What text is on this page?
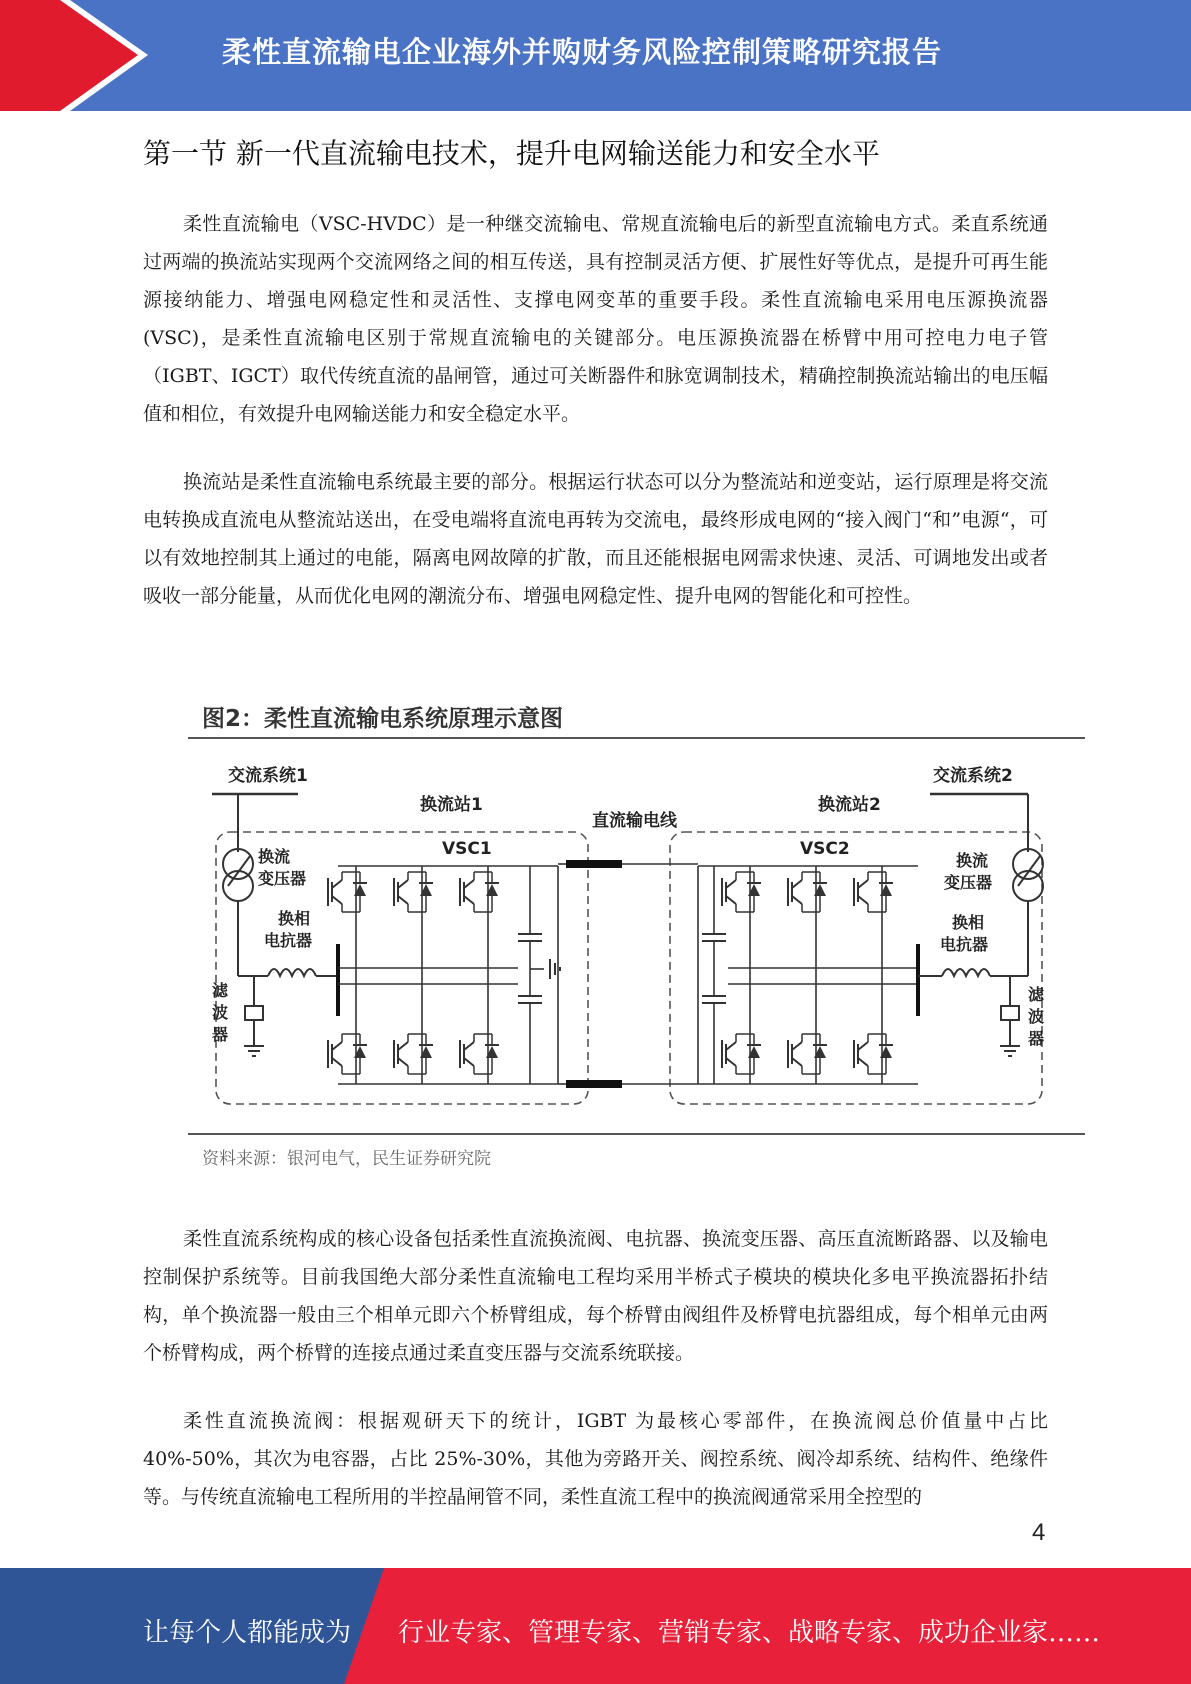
柔性直流输电企业海外并购财务风险控制策略研究报告
第一节 新一代直流输电技术，提升电网输送能力和安全水平

柔性直流输电（VSC-HVDC）是一种继交流输电、常规直流输电后的新型直流输电方式。柔直系统通过两端的换流站实现两个交流网络之间的相互传送，具有控制灵活方便、扩展性好等优点，是提升可再生能源接纳能力、增强电网稳定性和灵活性、支撑电网变革的重要手段。柔性直流输电采用电压源换流器(VSC)，是柔性直流输电区别于常规直流输电的关键部分。电压源换流器在桥臂中用可控电力电子管（IGBT、IGCT）取代传统直流的晶闸管，通过可关断器件和脉宽调制技术，精确控制换流站输出的电压幅值和相位，有效提升电网输送能力和安全稳定水平。

换流站是柔性直流输电系统最主要的部分。根据运行状态可以分为整流站和逆变站，运行原理是将交流电转换成直流电从整流站送出，在受电端将直流电再转为交流电，最终形成电网的“接入阀门“和”电源“，可以有效地控制其上通过的电能，隔离电网故障的扩散，而且还能根据电网需求快速、灵活、可调地发出或者吸收一部分能量，从而优化电网的潮流分布、增强电网稳定性、提升电网的智能化和可控性。

图2：柔性直流输电系统原理示意图
交流系统1	交流系统2
换流站1	换流站2
直流输电线
VSC1	VSC2
换流
变压器
换相
电抗器
滤
波
器
换流
变压器
换相
电抗器
滤
波
器
资料来源：银河电气，民生证券研究院

柔性直流系统构成的核心设备包括柔性直流换流阀、电抗器、换流变压器、高压直流断路器、以及输电控制保护系统等。目前我国绝大部分柔性直流输电工程均采用半桥式子模块的模块化多电平换流器拓扑结构，单个换流器一般由三个相单元即六个桥臂组成，每个桥臂由阀组件及桥臂电抗器组成，每个相单元由两个桥臂构成，两个桥臂的连接点通过柔直变压器与交流系统联接。

柔性直流换流阀：根据观研天下的统计，IGBT 为最核心零部件，在换流阀总价值量中占比40%-50%，其次为电容器，占比 25%-30%，其他为旁路开关、阀控系统、阀冷却系统、结构件、绝缘件等。与传统直流输电工程所用的半控晶闸管不同，柔性直流工程中的换流阀通常采用全控型的

4
让每个人都能成为 行业专家、管理专家、营销专家、战略专家、成功企业家……
